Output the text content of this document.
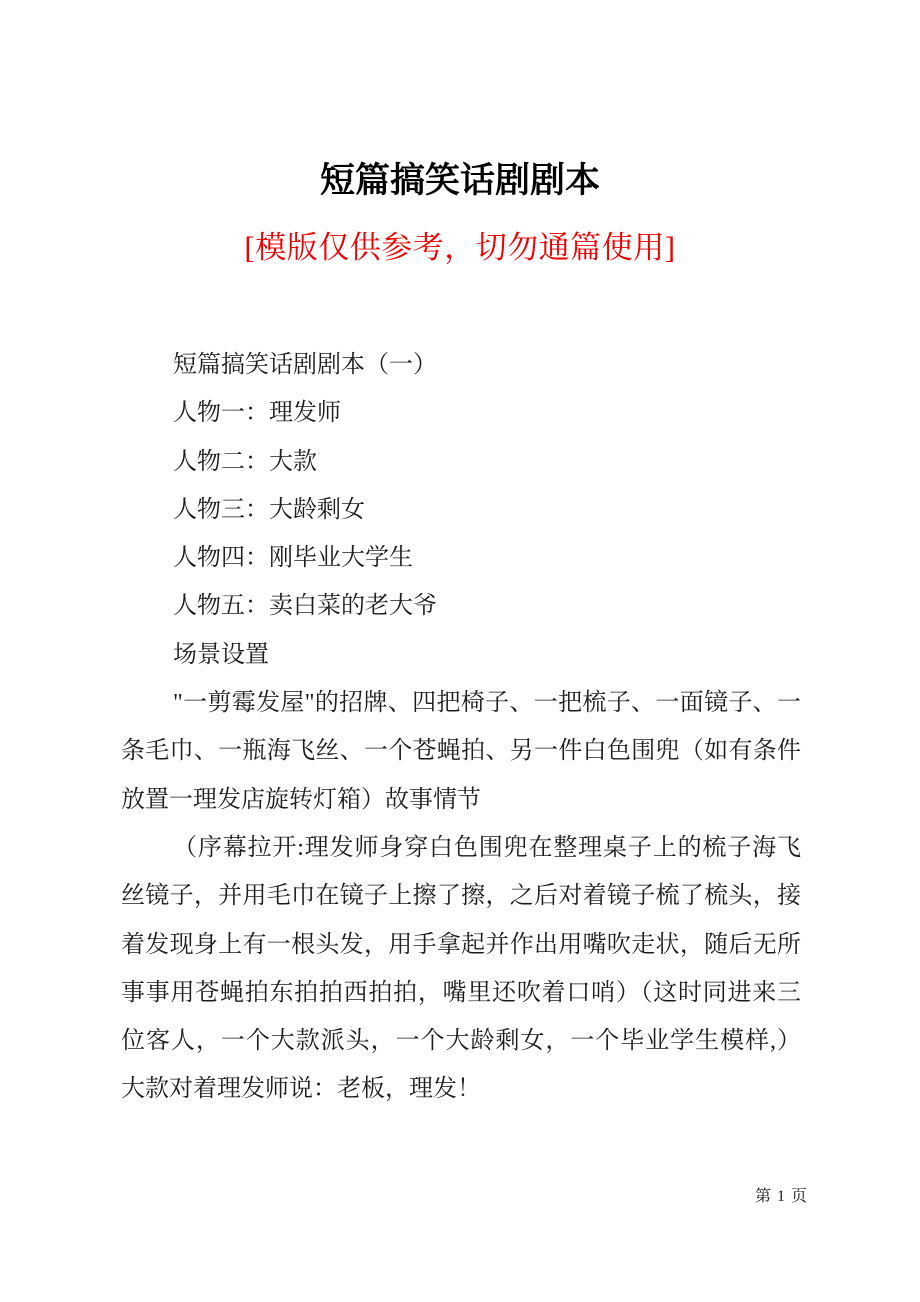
短篇搞笑话剧剧本
[模版仅供参考，切勿通篇使用]
短篇搞笑话剧剧本（一）
人物一：理发师
人物二：大款
人物三：大龄剩女
人物四：刚毕业大学生
人物五：卖白菜的老大爷
场景设置
"一剪霉发屋"的招牌、四把椅子、一把梳子、一面镜子、一
条毛巾、一瓶海飞丝、一个苍蝇拍、另一件白色围兜（如有条件
放置一理发店旋转灯箱）故事情节
（序幕拉开:理发师身穿白色围兜在整理桌子上的梳子海飞
丝镜子，并用毛巾在镜子上擦了擦，之后对着镜子梳了梳头，接
着发现身上有一根头发，用手拿起并作出用嘴吹走状，随后无所
事事用苍蝇拍东拍拍西拍拍，嘴里还吹着口哨）（这时同进来三
位客人，一个大款派头，一个大龄剩女，一个毕业学生模样,）
大款对着理发师说：老板，理发！
第 1 页
